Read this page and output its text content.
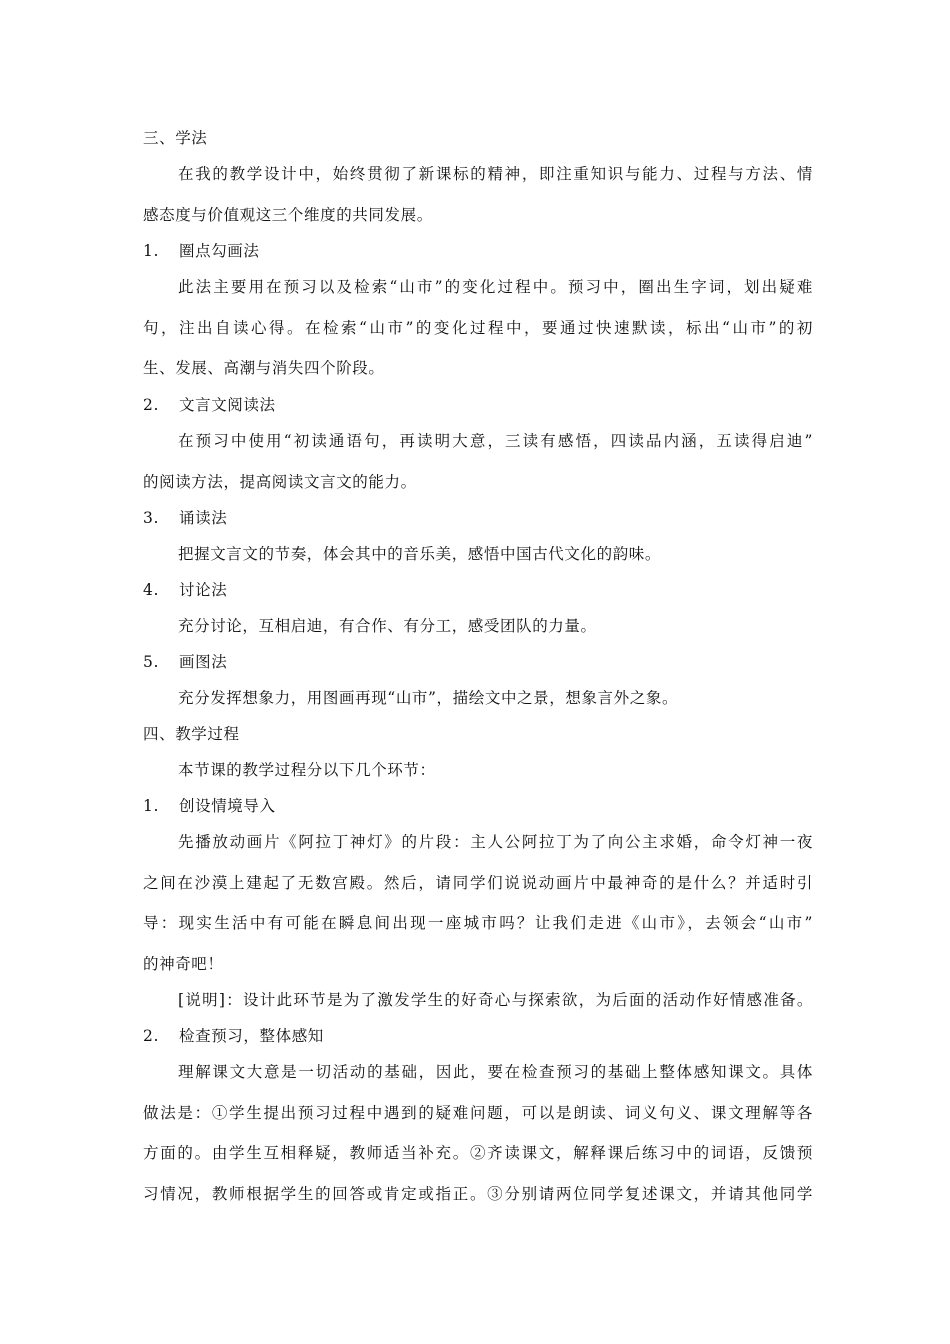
三、学法
在我的教学设计中，始终贯彻了新课标的精神，即注重知识与能力、过程与方法、情
感态度与价值观这三个维度的共同发展。
1. 圈点勾画法
此法主要用在预习以及检索“山市”的变化过程中。预习中，圈出生字词，划出疑难
句，注出自读心得。在检索“山市”的变化过程中，要通过快速默读，标出“山市”的初
生、发展、高潮与消失四个阶段。
2. 文言文阅读法
在预习中使用“初读通语句，再读明大意，三读有感悟，四读品内涵，五读得启迪”
的阅读方法，提高阅读文言文的能力。
3. 诵读法
把握文言文的节奏，体会其中的音乐美，感悟中国古代文化的韵味。
4. 讨论法
充分讨论，互相启迪，有合作、有分工，感受团队的力量。
5. 画图法
充分发挥想象力，用图画再现“山市”，描绘文中之景，想象言外之象。
四、教学过程
本节课的教学过程分以下几个环节：
1. 创设情境导入
先播放动画片《阿拉丁神灯》的片段：主人公阿拉丁为了向公主求婚，命令灯神一夜
之间在沙漠上建起了无数宫殿。然后，请同学们说说动画片中最神奇的是什么？并适时引
导：现实生活中有可能在瞬息间出现一座城市吗？让我们走进《山市》，去领会“山市”
的神奇吧！
[说明]：设计此环节是为了激发学生的好奇心与探索欲，为后面的活动作好情感准备。
2. 检查预习，整体感知
理解课文大意是一切活动的基础，因此，要在检查预习的基础上整体感知课文。具体
做法是：①学生提出预习过程中遇到的疑难问题，可以是朗读、词义句义、课文理解等各
方面的。由学生互相释疑，教师适当补充。②齐读课文，解释课后练习中的词语，反馈预
习情况，教师根据学生的回答或肯定或指正。③分别请两位同学复述课文，并请其他同学
